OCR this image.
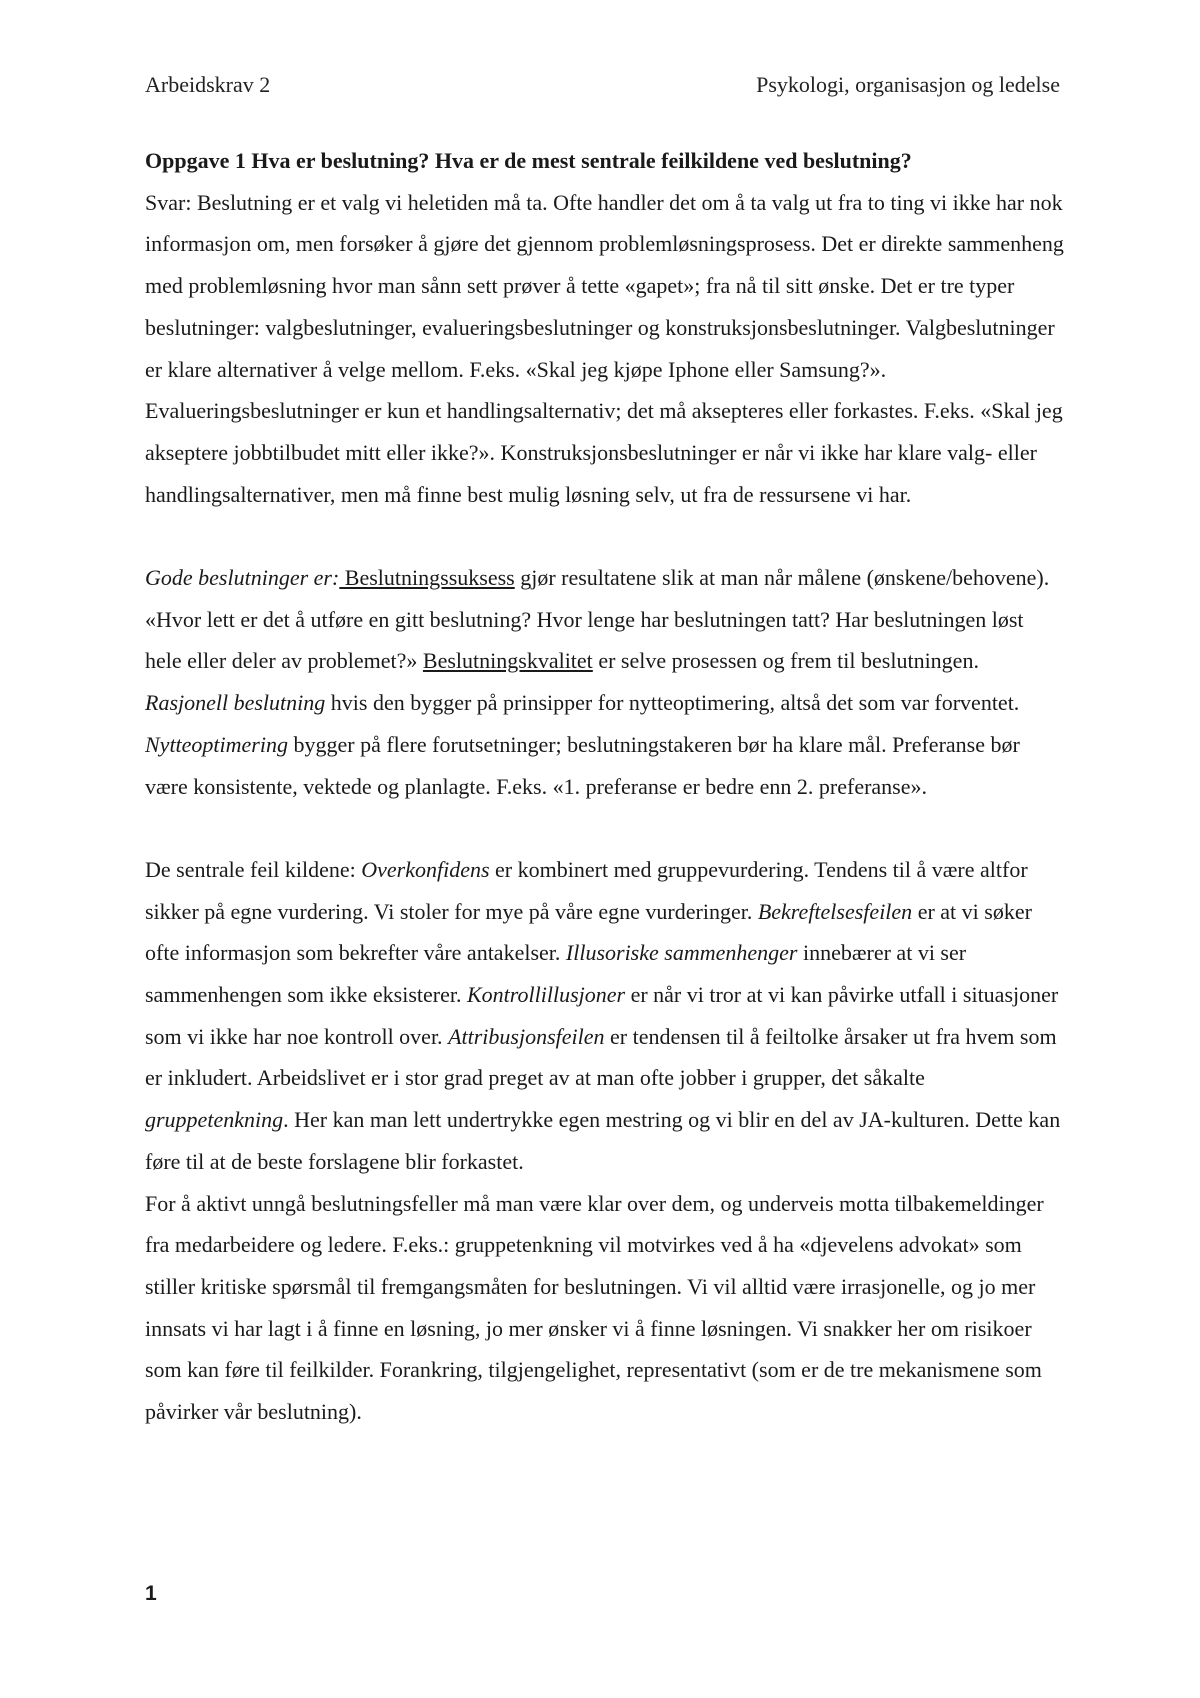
Arbeidskrav 2	Psykologi, organisasjon og ledelse

Oppgave 1 Hva er beslutning? Hva er de mest sentrale feilkildene ved beslutning?

Svar: Beslutning er et valg vi heletiden må ta. Ofte handler det om å ta valg ut fra to ting vi ikke har nok informasjon om, men forsøker å gjøre det gjennom problemløsningsprosess. Det er direkte sammenheng med problemløsning hvor man sånn sett prøver å tette «gapet»; fra nå til sitt ønske. Det er tre typer beslutninger: valgbeslutninger, evalueringsbeslutninger og konstruksjonsbeslutninger. Valgbeslutninger er klare alternativer å velge mellom. F.eks. «Skal jeg kjøpe Iphone eller Samsung?». Evalueringsbeslutninger er kun et handlingsalternativ; det må aksepteres eller forkastes. F.eks. «Skal jeg akseptere jobbtilbudet mitt eller ikke?». Konstruksjonsbeslutninger er når vi ikke har klare valg- eller handlingsalternativer, men må finne best mulig løsning selv, ut fra de ressursene vi har.

Gode beslutninger er: Beslutningssuksess gjør resultatene slik at man når målene (ønskene/behovene). «Hvor lett er det å utføre en gitt beslutning? Hvor lenge har beslutningen tatt? Har beslutningen løst hele eller deler av problemet?» Beslutningskvalitet er selve prosessen og frem til beslutningen. Rasjonell beslutning hvis den bygger på prinsipper for nytteoptimering, altså det som var forventet. Nytteoptimering bygger på flere forutsetninger; beslutningstakeren bør ha klare mål. Preferanse bør være konsistente, vektede og planlagte. F.eks. «1. preferanse er bedre enn 2. preferanse».

De sentrale feil kildene: Overkonfidens er kombinert med gruppevurdering. Tendens til å være altfor sikker på egne vurdering. Vi stoler for mye på våre egne vurderinger. Bekreftelsesfeilen er at vi søker ofte informasjon som bekrefter våre antakelser. Illusoriske sammenhenger innebærer at vi ser sammenhengen som ikke eksisterer. Kontrollillusjoner er når vi tror at vi kan påvirke utfall i situasjoner som vi ikke har noe kontroll over. Attribusjonsfeilen er tendensen til å feiltolke årsaker ut fra hvem som er inkludert. Arbeidslivet er i stor grad preget av at man ofte jobber i grupper, det såkalte gruppetenkning. Her kan man lett undertrykke egen mestring og vi blir en del av JA-kulturen. Dette kan føre til at de beste forslagene blir forkastet.

For å aktivt unngå beslutningsfeller må man være klar over dem, og underveis motta tilbakemeldinger fra medarbeidere og ledere. F.eks.: gruppetenkning vil motvirkes ved å ha «djevelens advokat» som stiller kritiske spørsmål til fremgangsmåten for beslutningen. Vi vil alltid være irrasjonelle, og jo mer innsats vi har lagt i å finne en løsning, jo mer ønsker vi å finne løsningen. Vi snakker her om risikoer som kan føre til feilkilder. Forankring, tilgjengelighet, representativt (som er de tre mekanismene som påvirker vår beslutning).

1
